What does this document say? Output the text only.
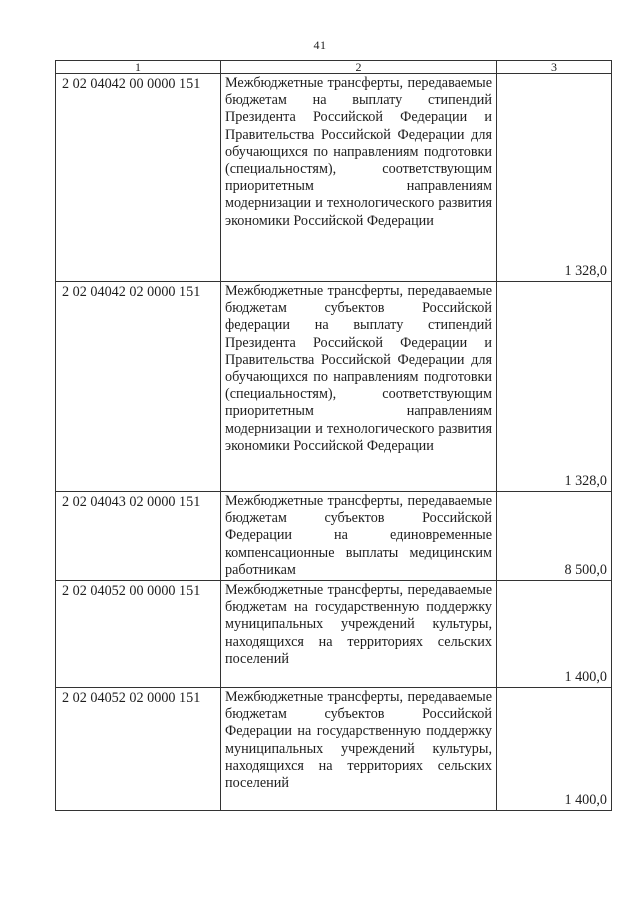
41
1	2	3
2 02 04042 00 0000 151	Межбюджетные трансферты, передаваемые бюджетам на выплату стипендий Президента Российской Федерации и Правительства Российской Федерации для обучающихся по направлениям подготовки (специальностям), соответствующим приоритетным направлениям модернизации и технологического развития экономики Российской Федерации	1 328,0
2 02 04042 02 0000 151	Межбюджетные трансферты, передаваемые бюджетам субъектов Российской федерации на выплату стипендий Президента Российской Федерации и Правительства Российской Федерации для обучающихся по направлениям подготовки (специальностям), соответствующим приоритетным направлениям модернизации и технологического развития экономики Российской Федерации	1 328,0
2 02 04043 02 0000 151	Межбюджетные трансферты, передаваемые бюджетам субъектов Российской Федерации на единовременные компенсационные выплаты медицинским работникам	8 500,0
2 02 04052 00 0000 151	Межбюджетные трансферты, передаваемые бюджетам на государственную поддержку муниципальных учреждений культуры, находящихся на территориях сельских поселений	1 400,0
2 02 04052 02 0000 151	Межбюджетные трансферты, передаваемые бюджетам субъектов Российской Федерации на государственную поддержку муниципальных учреждений культуры, находящихся на территориях сельских поселений	1 400,0
